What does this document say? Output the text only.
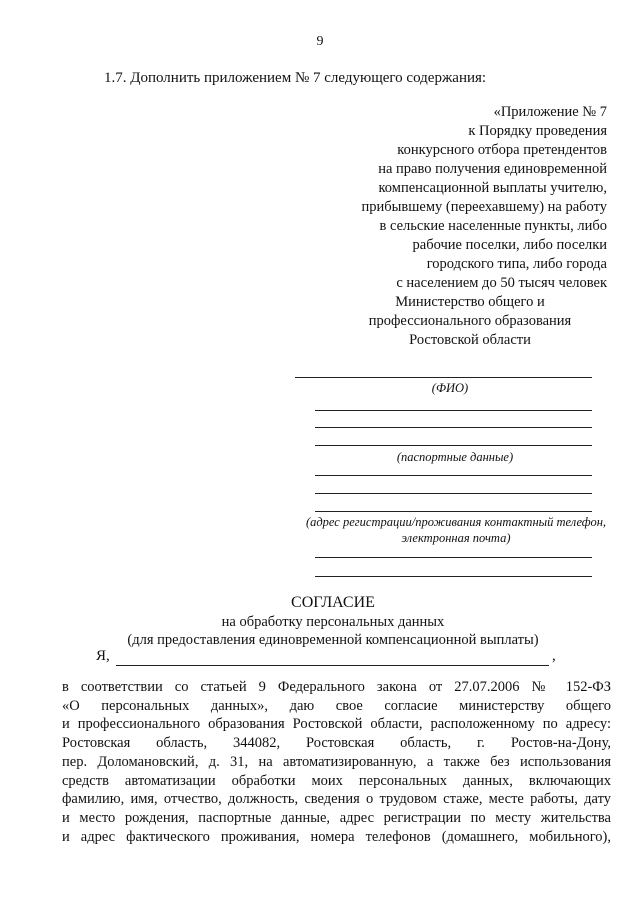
9
1.7. Дополнить приложением № 7 следующего содержания:
«Приложение № 7
к Порядку проведения
конкурсного отбора претендентов
на право получения единовременной
компенсационной выплаты учителю,
прибывшему (переехавшему) на работу
в сельские населенные пункты, либо
рабочие поселки, либо поселки
городского типа, либо города
с населением до 50 тысяч человек
Министерство общего и
профессионального образования
Ростовской области
(ФИО)
(паспортные данные)
(адрес регистрации/проживания контактный телефон,
электронная почта)
СОГЛАСИЕ
на обработку персональных данных
(для предоставления единовременной компенсационной выплаты)
Я,	,
в соответствии со статьей 9 Федерального закона от 27.07.2006 № 152-ФЗ
«О персональных данных», даю свое согласие министерству общего
и профессионального образования Ростовской области, расположенному по адресу:
Ростовская область, 344082, Ростовская область, г. Ростов-на-Дону,
пер. Доломановский, д. 31, на автоматизированную, а также без использования
средств автоматизации обработки моих персональных данных, включающих
фамилию, имя, отчество, должность, сведения о трудовом стаже, месте работы, дату
и место рождения, паспортные данные, адрес регистрации по месту жительства
и адрес фактического проживания, номера телефонов (домашнего, мобильного),
